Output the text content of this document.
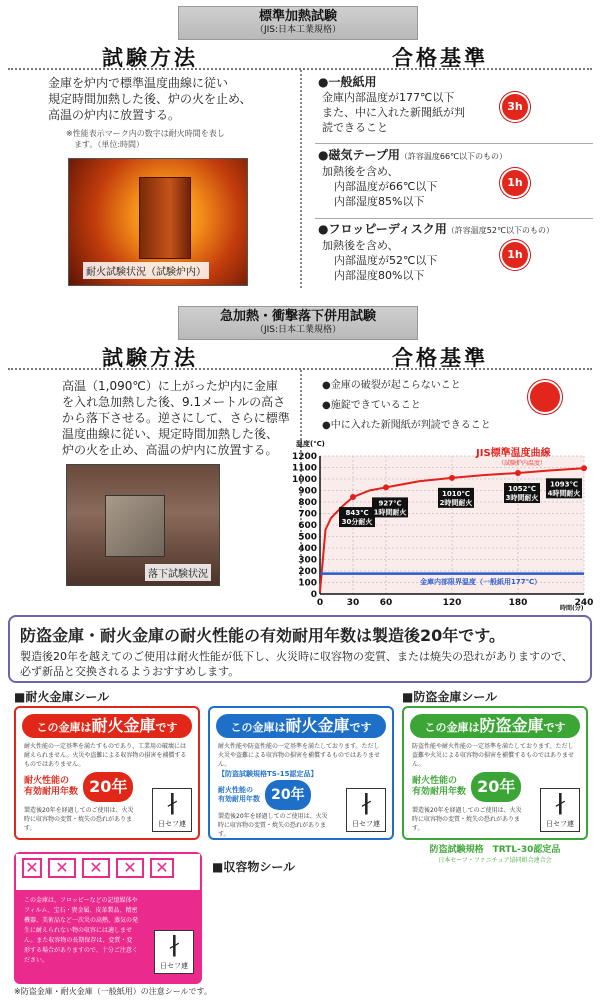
標準加熱試験
（JIS:日本工業規格）
試験方法	合格基準
金庫を炉内で標準温度曲線に従い
規定時間加熱した後、炉の火を止め、
高温の炉内に放置する。
※性能表示マーク内の数字は耐火時間を表し
ます。（単位:時間）
耐火試験状況（試験炉内）
●一般紙用
金庫内部温度が177℃以下
また、中に入れた新聞紙が判
読できること
3h
●磁気テープ用（許容温度66℃以下のもの）
加熱後を含め、
内部温度が66℃以下
内部湿度85%以下
1h
●フロッピーディスク用（許容温度52℃以下のもの）
加熱後を含め、
内部温度が52℃以下
内部湿度80%以下
1h
急加熱・衝撃落下併用試験
（JIS:日本工業規格）
試験方法	合格基準
高温（1,090℃）に上がった炉内に金庫
を入れ急加熱した後、9.1メートルの高さ
から落下させる。逆さにして、さらに標準
温度曲線に従い、規定時間加熱した後、
炉の火を止め、高温の炉内に放置する。
落下試験状況
●金庫の破裂が起こらないこと
●施錠できていること
●中に入れた新聞紙が判読できること
0
100
200
300
400
500
600
700
800
900
1000
1100
1200
0	30 60	120	180	240
843℃
30分耐火
927℃
1時間耐火
1010℃
2時間耐火
1052℃
3時間耐火
1093℃
4時間耐火
温度(℃)
時間(分)
JIS標準温度曲線
（試験炉内温度）
金庫内部限界温度（一般紙用177℃）
防盗金庫・耐火金庫の耐火性能の有効耐用年数は製造後20年です。
製造後20年を越えてのご使用は耐火性能が低下し、火災時に収容物の変質、または焼失の恐れがありますので、必ず新品と交換されるようおすすめします。
■耐火金庫シール	■防盗金庫シール
この金庫は耐火金庫です
耐火性能の一定基準を満たすものであり、工業用の破壊には耐えられません。火災や盗難による収容物の損害を補償するものではありません。
耐火性能の
有効耐用年数 20年
製造後20年を経過してのご使用は、火災時に収容物の変質・焼失の恐れがあります。
∤
日セフ連
この金庫は耐火金庫です
耐火性能や防盗性能の一定基準を満たしております。ただし火災や盗難による収容物の損害を補償するものではありません。
【防盗試験規格TS-15認定品】
耐火性能の
有効耐用年数 20年
製造後20年を経過してのご使用は、火災時に収容物の変質・焼失の恐れがあります。
∤
日セフ連
この金庫は防盗金庫です
防盗性能や耐火性能の一定基準を満たしております。ただし盗難や火災による収容物の損害を補償するものではありません。
耐火性能の
有効耐用年数 20年
製造後20年を経過してのご使用は、火災時に収容物の変質・焼失の恐れがあります。
∤
日セフ連
防盗試験規格　TRTL-30認定品
日本セーフ・ファニチュア協同組合連合会
■収容物シール
✕	✕	✕	✕	✕
この金庫は、フロッピーなどの記憶媒体やフィルム、宝石・貴金属、皮革製品、精密機器、美術品など一次災の高熱、蒸気の発生に耐えられない物の収容には適しません。また収容物の長期保存は、変質・変形する場合がありますので、十分ご注意ください。
∤
日セフ連
※防盗金庫・耐火金庫（一般紙用）の注意シールです。
